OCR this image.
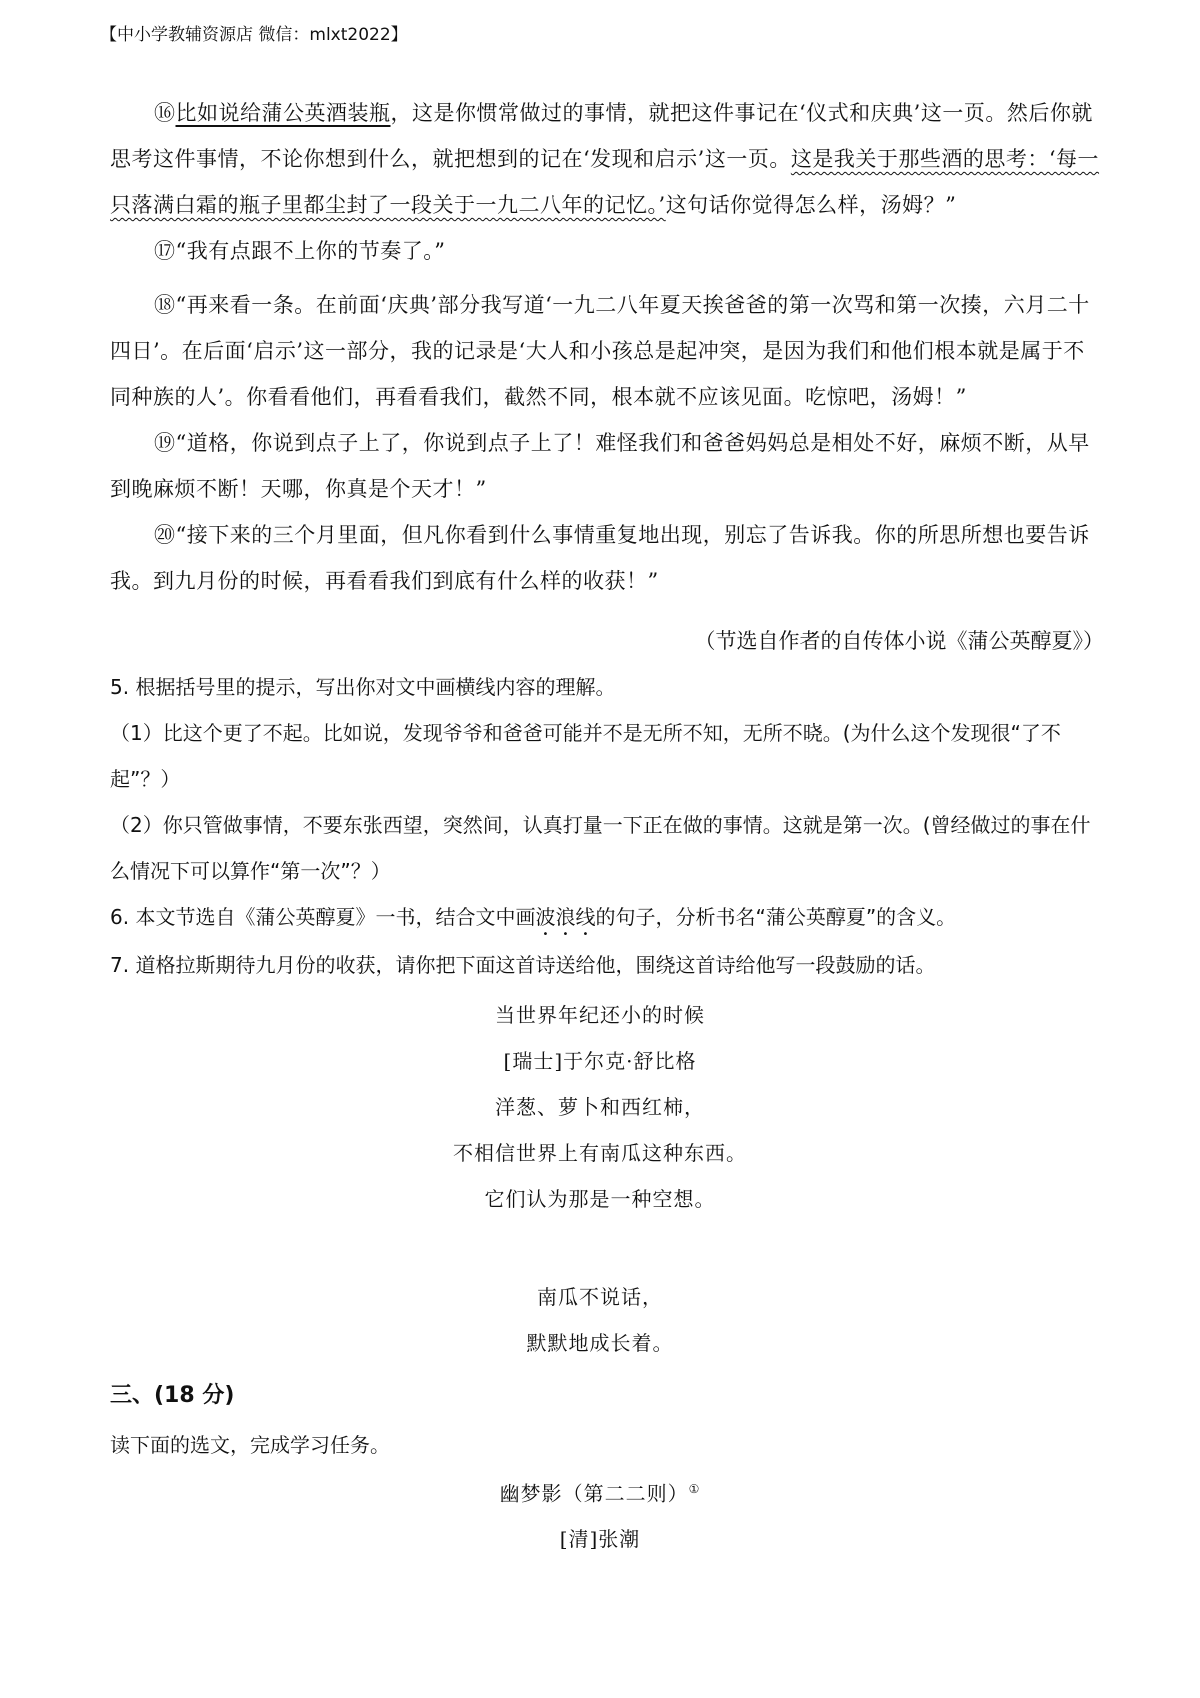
【中小学教辅资源店 微信：mlxt2022】

⑯比如说给蒲公英酒装瓶，这是你惯常做过的事情，就把这件事记在‘仪式和庆典’这一页。然后你就思考这件事情，不论你想到什么，就把想到的记在‘发现和启示’这一页。这是我关于那些酒的思考：‘每一只落满白霜的瓶子里都尘封了一段关于一九二八年的记忆。’这句话你觉得怎么样，汤姆？”

⑰“我有点跟不上你的节奏了。”

⑱“再来看一条。在前面‘庆典’部分我写道‘一九二八年夏天挨爸爸的第一次骂和第一次揍，六月二十四日’。在后面‘启示’这一部分，我的记录是‘大人和小孩总是起冲突，是因为我们和他们根本就是属于不同种族的人’。你看看他们，再看看我们，截然不同，根本就不应该见面。吃惊吧，汤姆！”

⑲“道格，你说到点子上了，你说到点子上了！难怪我们和爸爸妈妈总是相处不好，麻烦不断，从早到晚麻烦不断！天哪，你真是个天才！”

⑳“接下来的三个月里面，但凡你看到什么事情重复地出现，别忘了告诉我。你的所思所想也要告诉我。到九月份的时候，再看看我们到底有什么样的收获！”

（节选自作者的自传体小说《蒲公英醇夏》）

5. 根据括号里的提示，写出你对文中画横线内容的理解。

（1）比这个更了不起。比如说，发现爷爷和爸爸可能并不是无所不知，无所不晓。(为什么这个发现很“了不起”？）

（2）你只管做事情，不要东张西望，突然间，认真打量一下正在做的事情。这就是第一次。(曾经做过的事在什么情况下可以算作“第一次”？）

6. 本文节选自《蒲公英醇夏》一书，结合文中画波浪线的句子，分析书名“蒲公英醇夏”的含义。

7. 道格拉斯期待九月份的收获，请你把下面这首诗送给他，围绕这首诗给他写一段鼓励的话。

当世界年纪还小的时候
[瑞士]于尔克·舒比格
洋葱、萝卜和西红柿，
不相信世界上有南瓜这种东西。
它们认为那是一种空想。
南瓜不说话，
默默地成长着。
三、(18 分)

读下面的选文，完成学习任务。

幽梦影（第二二则）①
[清]张潮
